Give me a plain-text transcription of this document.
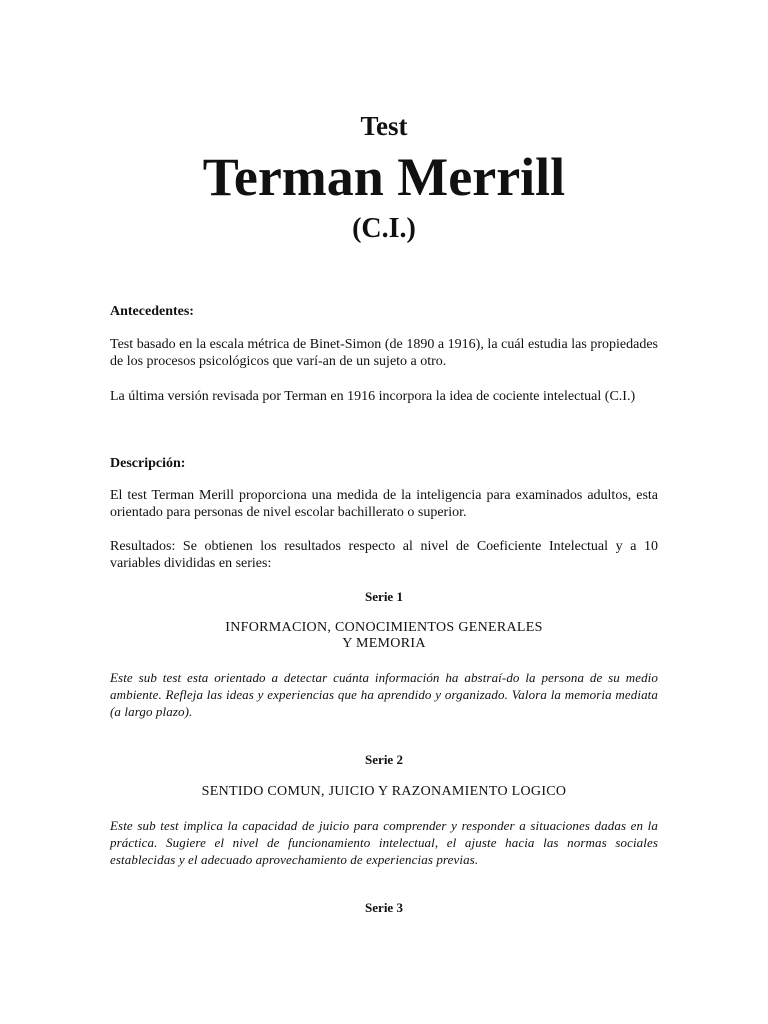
Test
Terman Merrill
(C.I.)
Antecedentes:

Test basado en la escala métrica de Binet-Simon (de 1890 a 1916), la cuál estudia las propiedades de los procesos psicológicos que varí-an de un sujeto a otro.

La última versión revisada por Terman en 1916 incorpora la idea de cociente intelectual (C.I.)

Descripción:

El test Terman Merill proporciona una medida de la inteligencia para examinados adultos, esta orientado para personas de nivel escolar bachillerato o superior.

Resultados: Se obtienen los resultados respecto al nivel de Coeficiente Intelectual y a 10 variables divididas en series:

Serie 1
INFORMACION, CONOCIMIENTOS GENERALES
Y MEMORIA

Este sub test esta orientado a detectar cuánta información ha abstraí-do la persona de su medio ambiente. Refleja las ideas y experiencias que ha aprendido y organizado. Valora la memoria mediata (a largo plazo).

Serie 2
SENTIDO COMUN, JUICIO Y RAZONAMIENTO LOGICO

Este sub test implica la capacidad de juicio para comprender y responder a situaciones dadas en la práctica. Sugiere el nivel de funcionamiento intelectual, el ajuste hacia las normas sociales establecidas y el adecuado aprovechamiento de experiencias previas.

Serie 3
